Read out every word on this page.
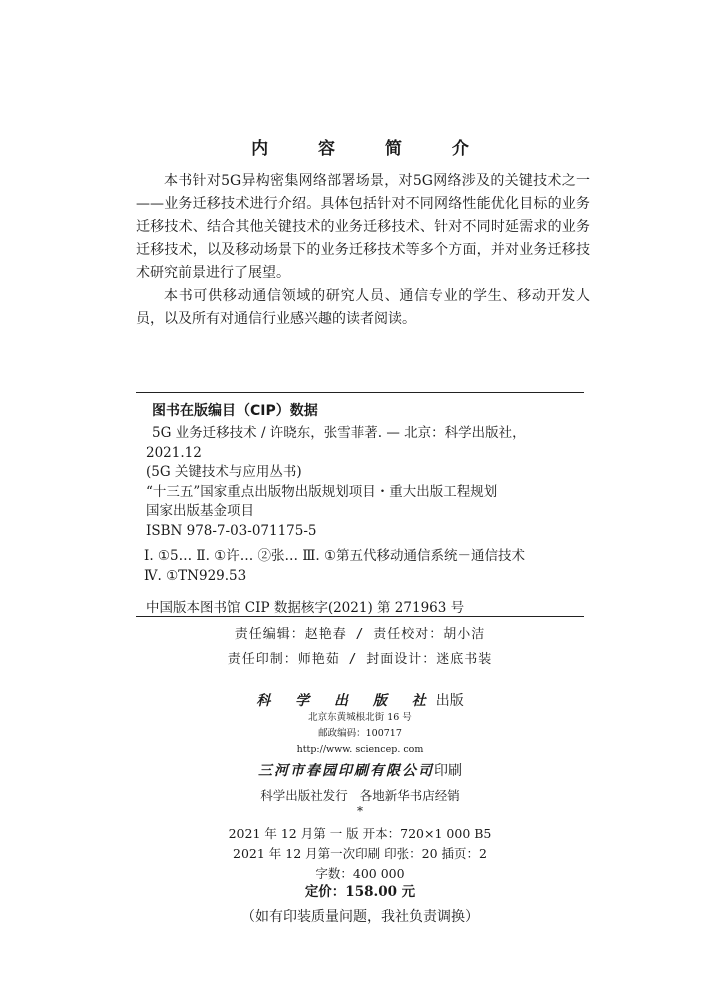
内 容 简 介

本书针对5G异构密集网络部署场景，对5G网络涉及的关键技术之一——业务迁移技术进行介绍。具体包括针对不同网络性能优化目标的业务迁移技术、结合其他关键技术的业务迁移技术、针对不同时延需求的业务迁移技术，以及移动场景下的业务迁移技术等多个方面，并对业务迁移技术研究前景进行了展望。

本书可供移动通信领域的研究人员、通信专业的学生、移动开发人员，以及所有对通信行业感兴趣的读者阅读。

图书在版编目（CIP）数据
5G 业务迁移技术 / 许晓东，张雪菲著. — 北京：科学出版社，
2021.12
(5G 关键技术与应用丛书)
“十三五”国家重点出版物出版规划项目・重大出版工程规划
国家出版基金项目
ISBN 978-7-03-071175-5
Ⅰ. ①5… Ⅱ. ①许… ②张… Ⅲ. ①第五代移动通信系统－通信技术
Ⅳ. ①TN929.53
中国版本图书馆 CIP 数据核字(2021) 第 271963 号
责任编辑：赵艳春 / 责任校对：胡小洁
责任印制：师艳茹 / 封面设计：迷底书装
科 学 出 版 社出版
北京东黄城根北街 16 号
邮政编码：100717
http://www. sciencep. com
三河市春园印刷有限公司印刷
科学出版社发行 各地新华书店经销
*
2021 年 12 月第 一 版 开本：720×1 000 B5
2021 年 12 月第一次印刷 印张：20 插页：2
字数：400 000
定价：158.00 元
（如有印装质量问题，我社负责调换）
